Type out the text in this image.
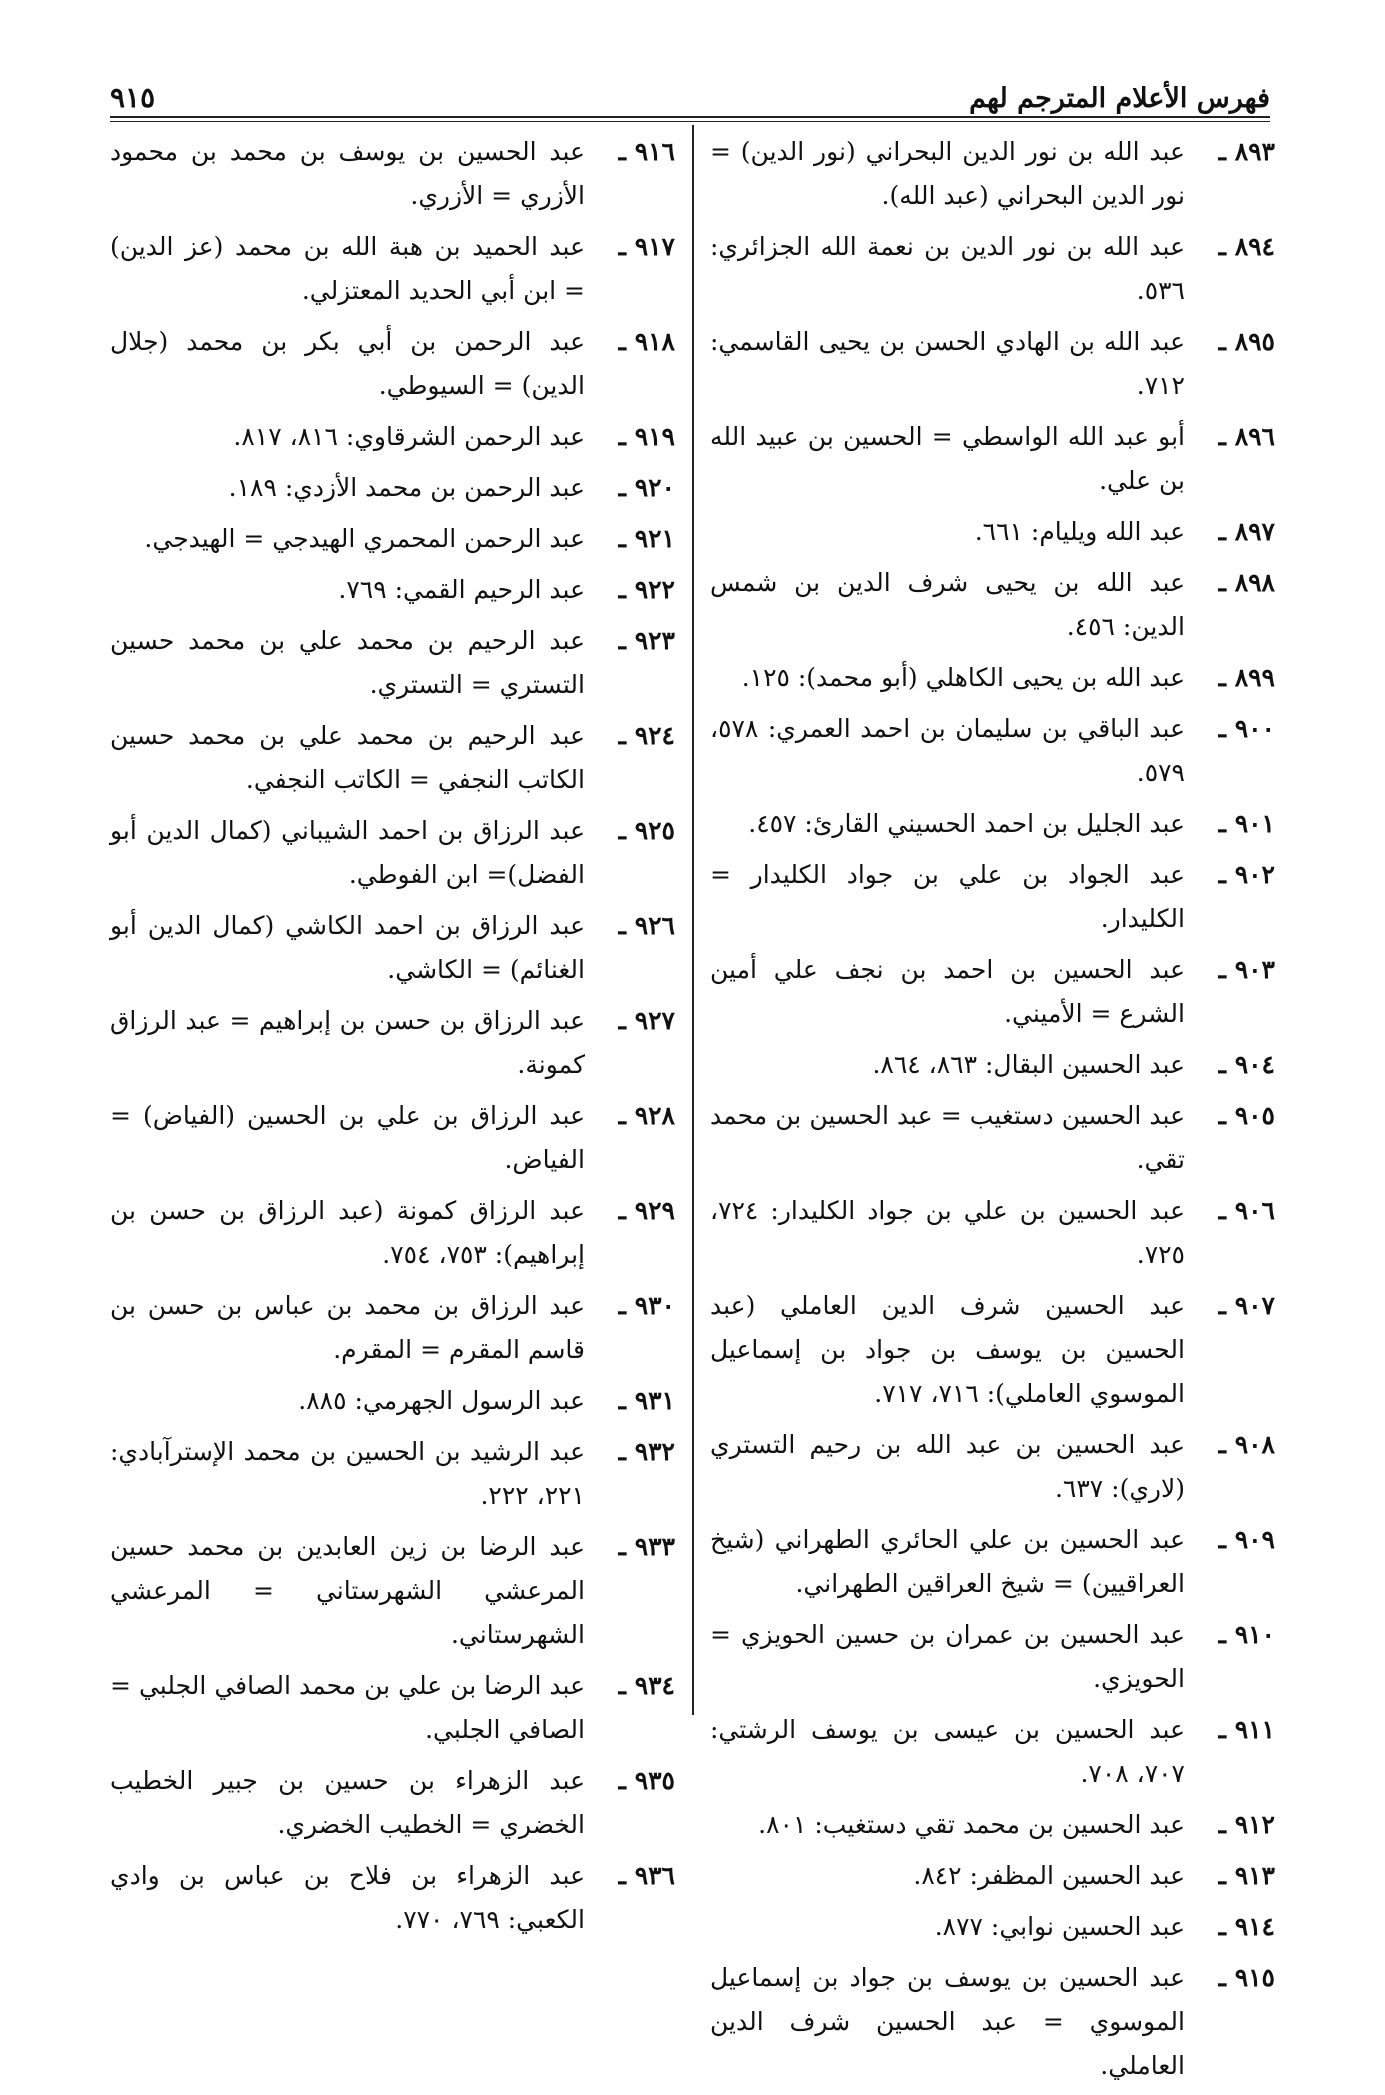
فهرس الأعلام المترجم لهم
٩١٥
٨٩٣ ـ
عبد الله بن نور الدين البحراني (نور الدين) = نور الدين البحراني (عبد الله).
٨٩٤ ـ
عبد الله بن نور الدين بن نعمة الله الجزائري: ٥٣٦.
٨٩٥ ـ
عبد الله بن الهادي الحسن بن يحيى القاسمي: ٧١٢.
٨٩٦ ـ
أبو عبد الله الواسطي = الحسين بن عبيد الله بن علي.
٨٩٧ ـ
عبد الله ويليام: ٦٦١.
٨٩٨ ـ
عبد الله بن يحيى شرف الدين بن شمس الدين: ٤٥٦.
٨٩٩ ـ
عبد الله بن يحيى الكاهلي (أبو محمد): ١٢٥.
٩٠٠ ـ
عبد الباقي بن سليمان بن احمد العمري: ٥٧٨، ٥٧٩.
٩٠١ ـ
عبد الجليل بن احمد الحسيني القارئ: ٤٥٧.
٩٠٢ ـ
عبد الجواد بن علي بن جواد الكليدار = الكليدار.
٩٠٣ ـ
عبد الحسين بن احمد بن نجف علي أمين الشرع = الأميني.
٩٠٤ ـ
عبد الحسين البقال: ٨٦٣، ٨٦٤.
٩٠٥ ـ
عبد الحسين دستغيب = عبد الحسين بن محمد تقي.
٩٠٦ ـ
عبد الحسين بن علي بن جواد الكليدار: ٧٢٤، ٧٢٥.
٩٠٧ ـ
عبد الحسين شرف الدين العاملي (عبد الحسين بن يوسف بن جواد بن إسماعيل الموسوي العاملي): ٧١٦، ٧١٧.
٩٠٨ ـ
عبد الحسين بن عبد الله بن رحيم التستري (لاري): ٦٣٧.
٩٠٩ ـ
عبد الحسين بن علي الحائري الطهراني (شيخ العراقيين) = شيخ العراقين الطهراني.
٩١٠ ـ
عبد الحسين بن عمران بن حسين الحويزي = الحويزي.
٩١١ ـ
عبد الحسين بن عيسى بن يوسف الرشتي: ٧٠٧، ٧٠٨.
٩١٢ ـ
عبد الحسين بن محمد تقي دستغيب: ٨٠١.
٩١٣ ـ
عبد الحسين المظفر: ٨٤٢.
٩١٤ ـ
عبد الحسين نوابي: ٨٧٧.
٩١٥ ـ
عبد الحسين بن يوسف بن جواد بن إسماعيل الموسوي = عبد الحسين شرف الدين العاملي.
٩١٦ ـ
عبد الحسين بن يوسف بن محمد بن محمود الأزري = الأزري.
٩١٧ ـ
عبد الحميد بن هبة الله بن محمد (عز الدين) = ابن أبي الحديد المعتزلي.
٩١٨ ـ
عبد الرحمن بن أبي بكر بن محمد (جلال الدين) = السيوطي.
٩١٩ ـ
عبد الرحمن الشرقاوي: ٨١٦، ٨١٧.
٩٢٠ ـ
عبد الرحمن بن محمد الأزدي: ١٨٩.
٩٢١ ـ
عبد الرحمن المحمري الهيدجي = الهيدجي.
٩٢٢ ـ
عبد الرحيم القمي: ٧٦٩.
٩٢٣ ـ
عبد الرحيم بن محمد علي بن محمد حسين التستري = التستري.
٩٢٤ ـ
عبد الرحيم بن محمد علي بن محمد حسين الكاتب النجفي = الكاتب النجفي.
٩٢٥ ـ
عبد الرزاق بن احمد الشيباني (كمال الدين أبو الفضل)= ابن الفوطي.
٩٢٦ ـ
عبد الرزاق بن احمد الكاشي (كمال الدين أبو الغنائم) = الكاشي.
٩٢٧ ـ
عبد الرزاق بن حسن بن إبراهيم = عبد الرزاق كمونة.
٩٢٨ ـ
عبد الرزاق بن علي بن الحسين (الفياض) = الفياض.
٩٢٩ ـ
عبد الرزاق كمونة (عبد الرزاق بن حسن بن إبراهيم): ٧٥٣، ٧٥٤.
٩٣٠ ـ
عبد الرزاق بن محمد بن عباس بن حسن بن قاسم المقرم = المقرم.
٩٣١ ـ
عبد الرسول الجهرمي: ٨٨٥.
٩٣٢ ـ
عبد الرشيد بن الحسين بن محمد الإسترآبادي: ٢٢١، ٢٢٢.
٩٣٣ ـ
عبد الرضا بن زين العابدين بن محمد حسين المرعشي الشهرستاني = المرعشي الشهرستاني.
٩٣٤ ـ
عبد الرضا بن علي بن محمد الصافي الجلبي = الصافي الجلبي.
٩٣٥ ـ
عبد الزهراء بن حسين بن جبير الخطيب الخضري = الخطيب الخضري.
٩٣٦ ـ
عبد الزهراء بن فلاح بن عباس بن وادي الكعبي: ٧٦٩، ٧٧٠.
